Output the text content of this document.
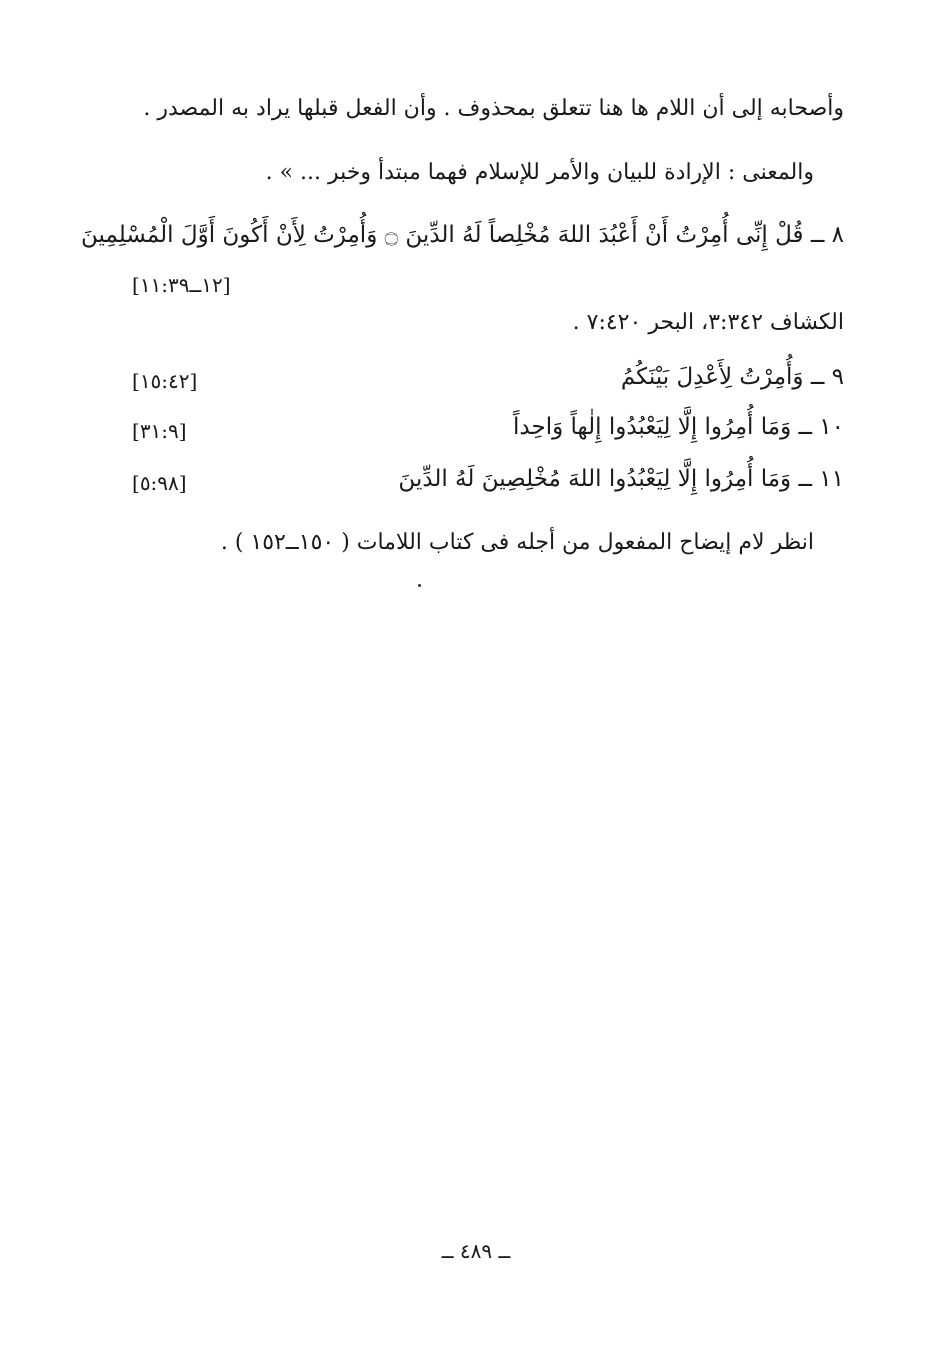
وأصحابه إلى أن اللام ها هنا تتعلق بمحذوف . وأن الفعل قبلها يراد به المصدر .
والمعنى : الإرادة للبيان والأمر للإسلام فهما مبتدأ وخبر ... » .
٨ ــ قُلْ إِنِّى أُمِرْتُ أَنْ أَعْبُدَ اللهَ مُخْلِصاً لَهُ الدِّينَ ۝ وَأُمِرْتُ لِأَنْ أَكُونَ أَوَّلَ الْمُسْلِمِينَ
[١٢ــ١١:٣٩]
الكشاف ٣:٣٤٢، البحر ٧:٤٢٠ .
٩ ــ وَأُمِرْتُ لِأَعْدِلَ بَيْنَكُمُ
[١٥:٤٢]
١٠ ــ وَمَا أُمِرُوا إِلَّا لِيَعْبُدُوا إِلٰهاً وَاحِداً
[٣١:٩]
١١ ــ وَمَا أُمِرُوا إِلَّا لِيَعْبُدُوا اللهَ مُخْلِصِينَ لَهُ الدِّينَ
[٥:٩٨]
انظر لام إيضاح المفعول من أجله فى كتاب اللامات ( ١٥٠ــ١٥٢ ) .
ــ ٤٨٩ ــ
